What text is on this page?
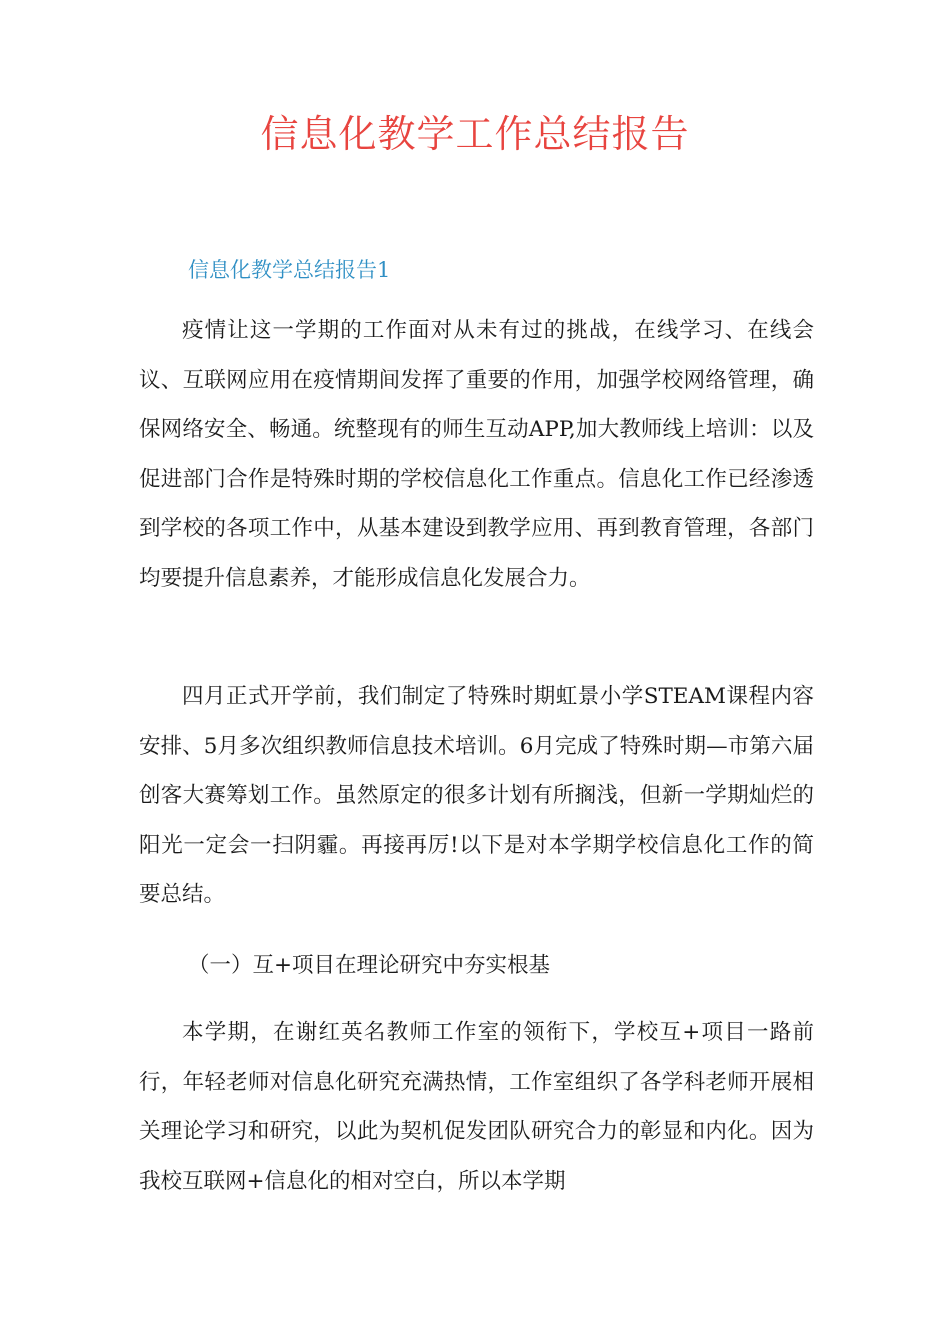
信息化教学工作总结报告
信息化教学总结报告1

疫情让这一学期的工作面对从未有过的挑战，在线学习、在线会议、互联网应用在疫情期间发挥了重要的作用，加强学校网络管理，确保网络安全、畅通。统整现有的师生互动APP,加大教师线上培训：以及促进部门合作是特殊时期的学校信息化工作重点。信息化工作已经渗透到学校的各项工作中，从基本建设到教学应用、再到教育管理，各部门均要提升信息素养，才能形成信息化发展合力。

四月正式开学前，我们制定了特殊时期虹景小学STEAM课程内容安排、5月多次组织教师信息技术培训。6月完成了特殊时期—市第六届创客大赛筹划工作。虽然原定的很多计划有所搁浅，但新一学期灿烂的阳光一定会一扫阴霾。再接再厉!以下是对本学期学校信息化工作的简要总结。

（一）互+项目在理论研究中夯实根基

本学期，在谢红英名教师工作室的领衔下，学校互+项目一路前行，年轻老师对信息化研究充满热情，工作室组织了各学科老师开展相关理论学习和研究，以此为契机促发团队研究合力的彰显和内化。因为我校互联网+信息化的相对空白，所以本学期
